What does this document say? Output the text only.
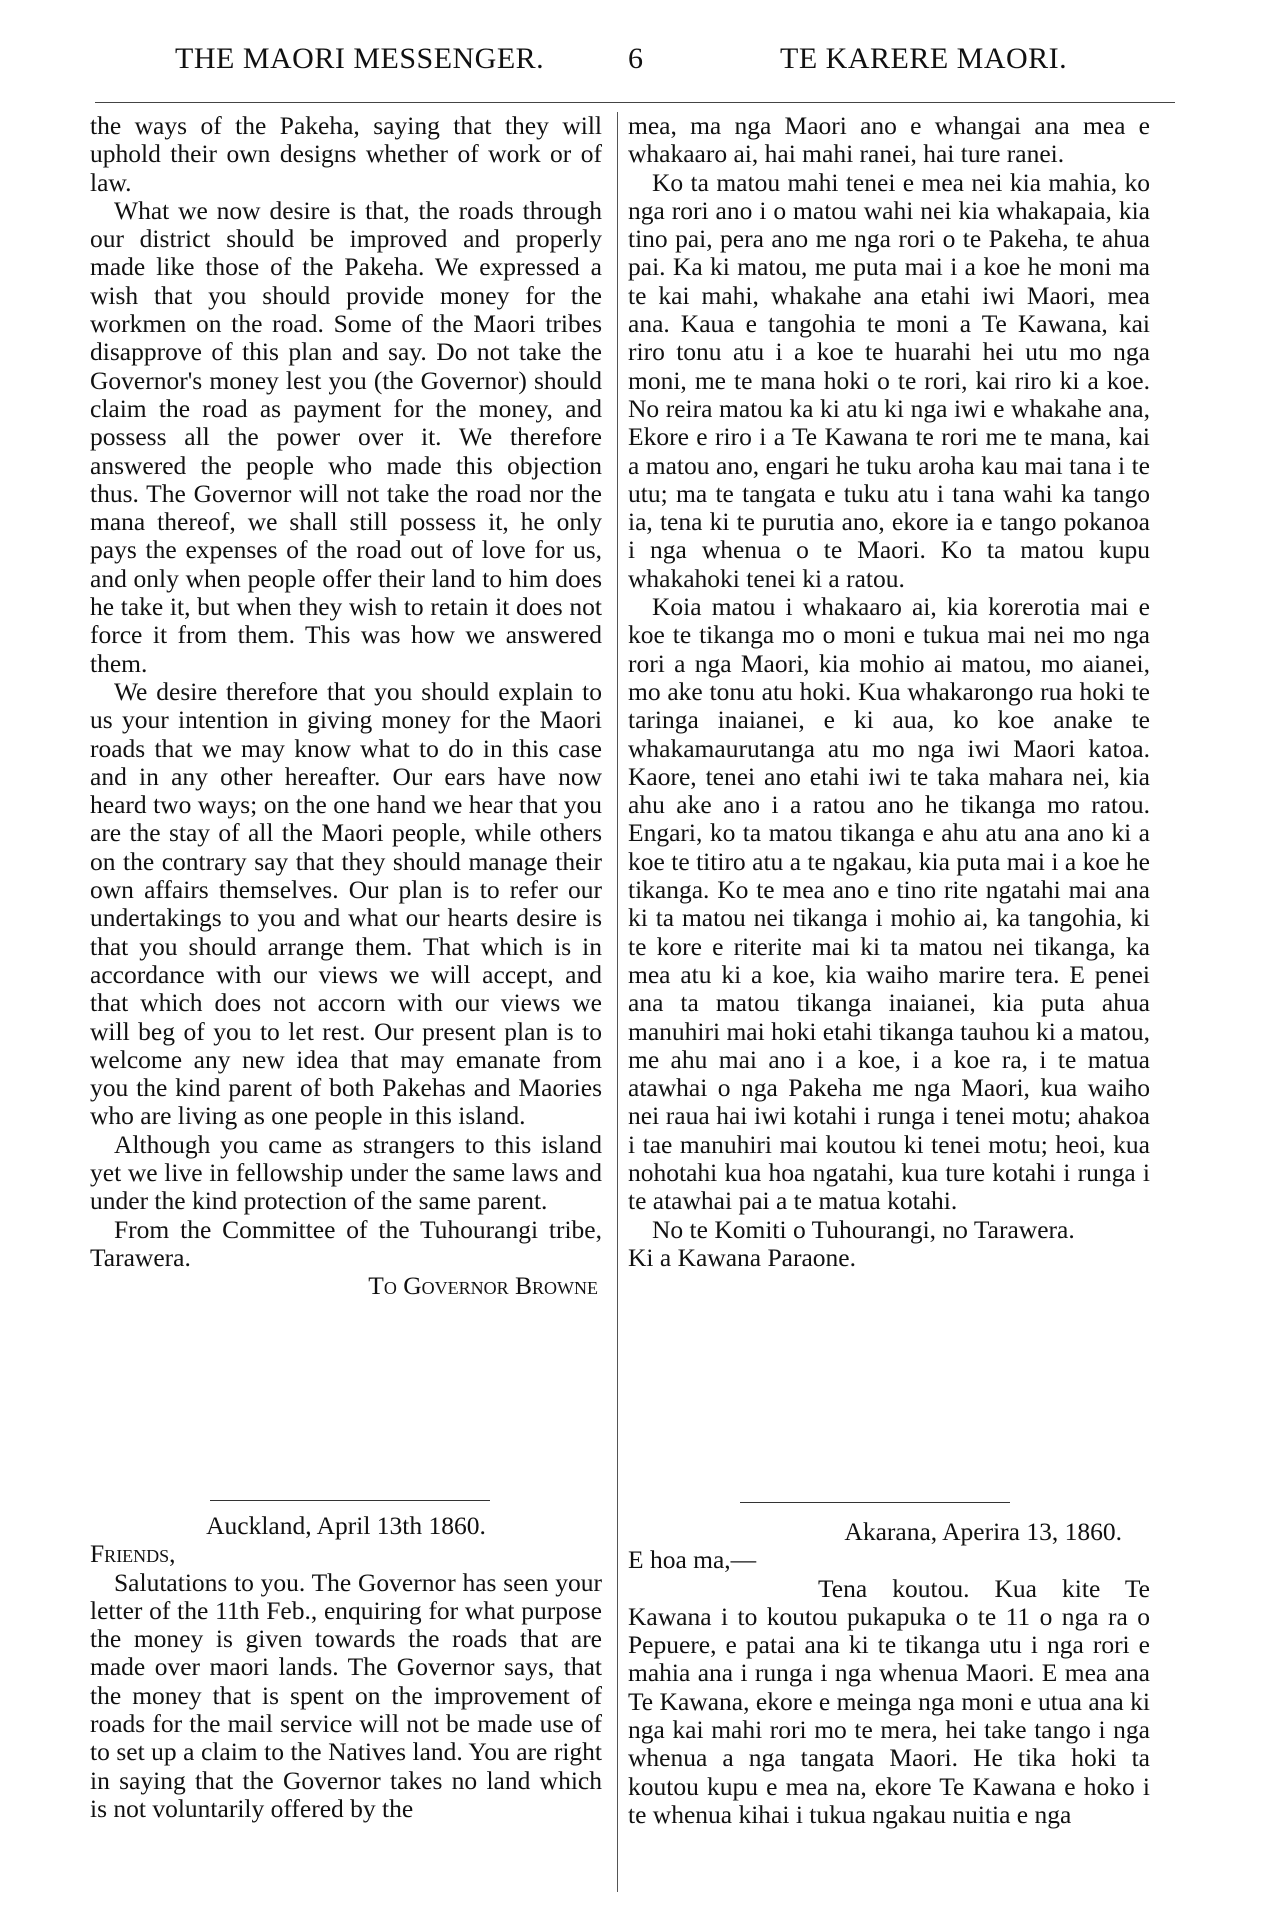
THE MAORI MESSENGER.	6	TE KARERE MAORI.

the ways of the Pakeha, saying that they will uphold their own designs whether of work or of law.

What we now desire is that, the roads through our district should be improved and properly made like those of the Pakeha. We expressed a wish that you should provide money for the workmen on the road. Some of the Maori tribes disapprove of this plan and say. Do not take the Governor's money lest you (the Governor) should claim the road as payment for the money, and possess all the power over it. We therefore answered the people who made this objection thus. The Governor will not take the road nor the mana thereof, we shall still possess it, he only pays the expenses of the road out of love for us, and only when people offer their land to him does he take it, but when they wish to retain it does not force it from them. This was how we answered them.

We desire therefore that you should explain to us your intention in giving money for the Maori roads that we may know what to do in this case and in any other hereafter. Our ears have now heard two ways; on the one hand we hear that you are the stay of all the Maori people, while others on the contrary say that they should manage their own affairs themselves. Our plan is to refer our undertakings to you and what our hearts desire is that you should arrange them. That which is in accordance with our views we will accept, and that which does not accorn with our views we will beg of you to let rest. Our present plan is to welcome any new idea that may emanate from you the kind parent of both Pakehas and Maories who are living as one people in this island.

Although you came as strangers to this island yet we live in fellowship under the same laws and under the kind protection of the same parent.

From the Committee of the Tuhourangi tribe, Tarawera.

To Governor Browne

Auckland, April 13th 1860.

Friends,

Salutations to you. The Governor has seen your letter of the 11th Feb., enquiring for what purpose the money is given towards the roads that are made over maori lands. The Governor says, that the money that is spent on the improvement of roads for the mail service will not be made use of to set up a claim to the Natives land. You are right in saying that the Governor takes no land which is not voluntarily offered by the

mea, ma nga Maori ano e whangai ana mea e whakaaro ai, hai mahi ranei, hai ture ranei.

Ko ta matou mahi tenei e mea nei kia mahia, ko nga rori ano i o matou wahi nei kia whakapaia, kia tino pai, pera ano me nga rori o te Pakeha, te ahua pai. Ka ki matou, me puta mai i a koe he moni ma te kai mahi, whakahe ana etahi iwi Maori, mea ana. Kaua e tangohia te moni a Te Kawana, kai riro tonu atu i a koe te huarahi hei utu mo nga moni, me te mana hoki o te rori, kai riro ki a koe. No reira matou ka ki atu ki nga iwi e whakahe ana, Ekore e riro i a Te Kawana te rori me te mana, kai a matou ano, engari he tuku aroha kau mai tana i te utu; ma te tangata e tuku atu i tana wahi ka tango ia, tena ki te purutia ano, ekore ia e tango pokanoa i nga whenua o te Maori. Ko ta matou kupu whakahoki tenei ki a ratou.

Koia matou i whakaaro ai, kia korerotia mai e koe te tikanga mo o moni e tukua mai nei mo nga rori a nga Maori, kia mohio ai matou, mo aianei, mo ake tonu atu hoki. Kua whakarongo rua hoki te taringa inaianei, e ki aua, ko koe anake te whakamaurutanga atu mo nga iwi Maori katoa. Kaore, tenei ano etahi iwi te taka mahara nei, kia ahu ake ano i a ratou ano he tikanga mo ratou. Engari, ko ta matou tikanga e ahu atu ana ano ki a koe te titiro atu a te ngakau, kia puta mai i a koe he tikanga. Ko te mea ano e tino rite ngatahi mai ana ki ta matou nei tikanga i mohio ai, ka tangohia, ki te kore e riterite mai ki ta matou nei tikanga, ka mea atu ki a koe, kia waiho marire tera. E penei ana ta matou tikanga inaianei, kia puta ahua manuhiri mai hoki etahi tikanga tauhou ki a matou, me ahu mai ano i a koe, i a koe ra, i te matua atawhai o nga Pakeha me nga Maori, kua waiho nei raua hai iwi kotahi i runga i tenei motu; ahakoa i tae manuhiri mai koutou ki tenei motu; heoi, kua nohotahi kua hoa ngatahi, kua ture kotahi i runga i te atawhai pai a te matua kotahi.

No te Komiti o Tuhourangi, no Tarawera.

Ki a Kawana Paraone.

Akarana, Aperira 13, 1860.

E hoa ma,—

Tena koutou. Kua kite Te Kawana i to koutou pukapuka o te 11 o nga ra o Pepuere, e patai ana ki te tikanga utu i nga rori e mahia ana i runga i nga whenua Maori. E mea ana Te Kawana, ekore e meinga nga moni e utua ana ki nga kai mahi rori mo te mera, hei take tango i nga whenua a nga tangata Maori. He tika hoki ta koutou kupu e mea na, ekore Te Kawana e hoko i te whenua kihai i tukua ngakau nuitia e nga
